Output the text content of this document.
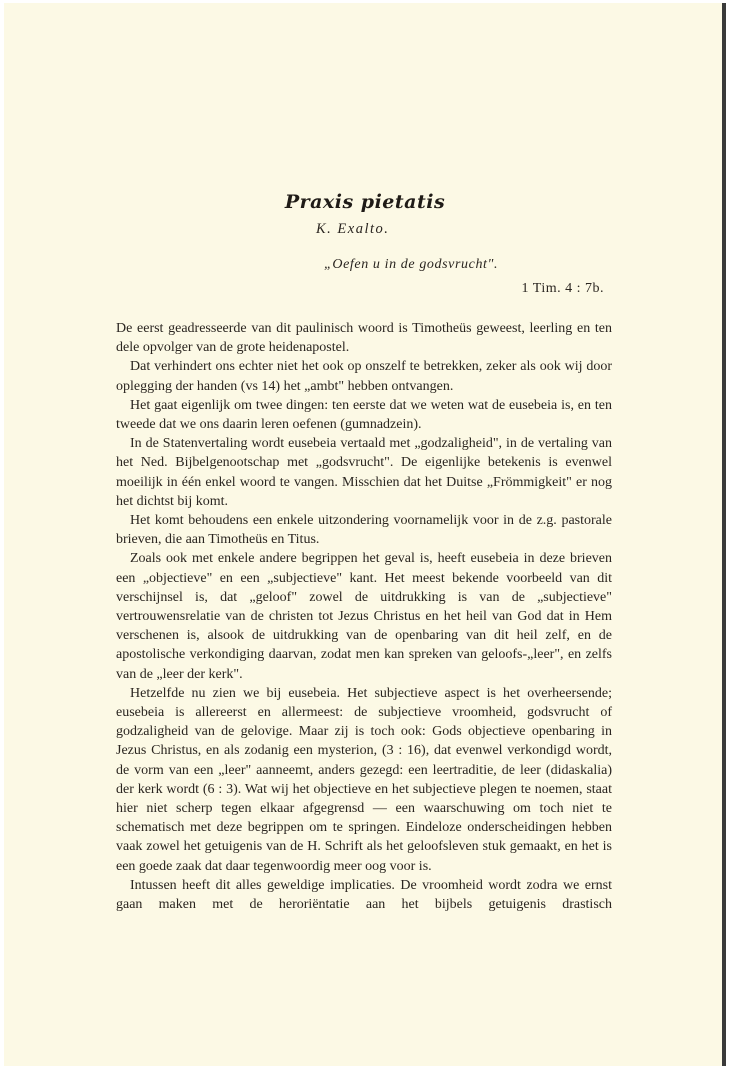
Praxis pietatis
K. Exalto.
„Oefen u in de godsvrucht".
1 Tim. 4 : 7b.

De eerst geadresseerde van dit paulinisch woord is Timotheüs geweest, leerling en ten dele opvolger van de grote heidenapostel.

Dat verhindert ons echter niet het ook op onszelf te betrekken, zeker als ook wij door oplegging der handen (vs 14) het „ambt" hebben ontvangen.

Het gaat eigenlijk om twee dingen: ten eerste dat we weten wat de eusebeia is, en ten tweede dat we ons daarin leren oefenen (gumnadzein).

In de Statenvertaling wordt eusebeia vertaald met „godzaligheid", in de vertaling van het Ned. Bijbelgenootschap met „godsvrucht". De eigenlijke betekenis is evenwel moeilijk in één enkel woord te vangen. Misschien dat het Duitse „Frömmigkeit" er nog het dichtst bij komt.

Het komt behoudens een enkele uitzondering voornamelijk voor in de z.g. pastorale brieven, die aan Timotheüs en Titus.

Zoals ook met enkele andere begrippen het geval is, heeft eusebeia in deze brieven een „objectieve" en een „subjectieve" kant. Het meest bekende voorbeeld van dit verschijnsel is, dat „geloof" zowel de uitdrukking is van de „subjectieve" vertrouwensrelatie van de christen tot Jezus Christus en het heil van God dat in Hem verschenen is, alsook de uitdrukking van de openbaring van dit heil zelf, en de apostolische verkondiging daarvan, zodat men kan spreken van geloofs-„leer", en zelfs van de „leer der kerk".

Hetzelfde nu zien we bij eusebeia. Het subjectieve aspect is het overheersende; eusebeia is allereerst en allermeest: de subjectieve vroomheid, godsvrucht of godzaligheid van de gelovige. Maar zij is toch ook: Gods objectieve openbaring in Jezus Christus, en als zodanig een mysterion, (3 : 16), dat evenwel verkondigd wordt, de vorm van een „leer" aanneemt, anders gezegd: een leertraditie, de leer (didaskalia) der kerk wordt (6 : 3). Wat wij het objectieve en het subjectieve plegen te noemen, staat hier niet scherp tegen elkaar afgegrensd — een waarschuwing om toch niet te schematisch met deze begrippen om te springen. Eindeloze onderscheidingen hebben vaak zowel het getuigenis van de H. Schrift als het geloofsleven stuk gemaakt, en het is een goede zaak dat daar tegenwoordig meer oog voor is.

Intussen heeft dit alles geweldige implicaties. De vroomheid wordt zodra we ernst gaan maken met de heroriëntatie aan het bijbels getuigenis drastisch
